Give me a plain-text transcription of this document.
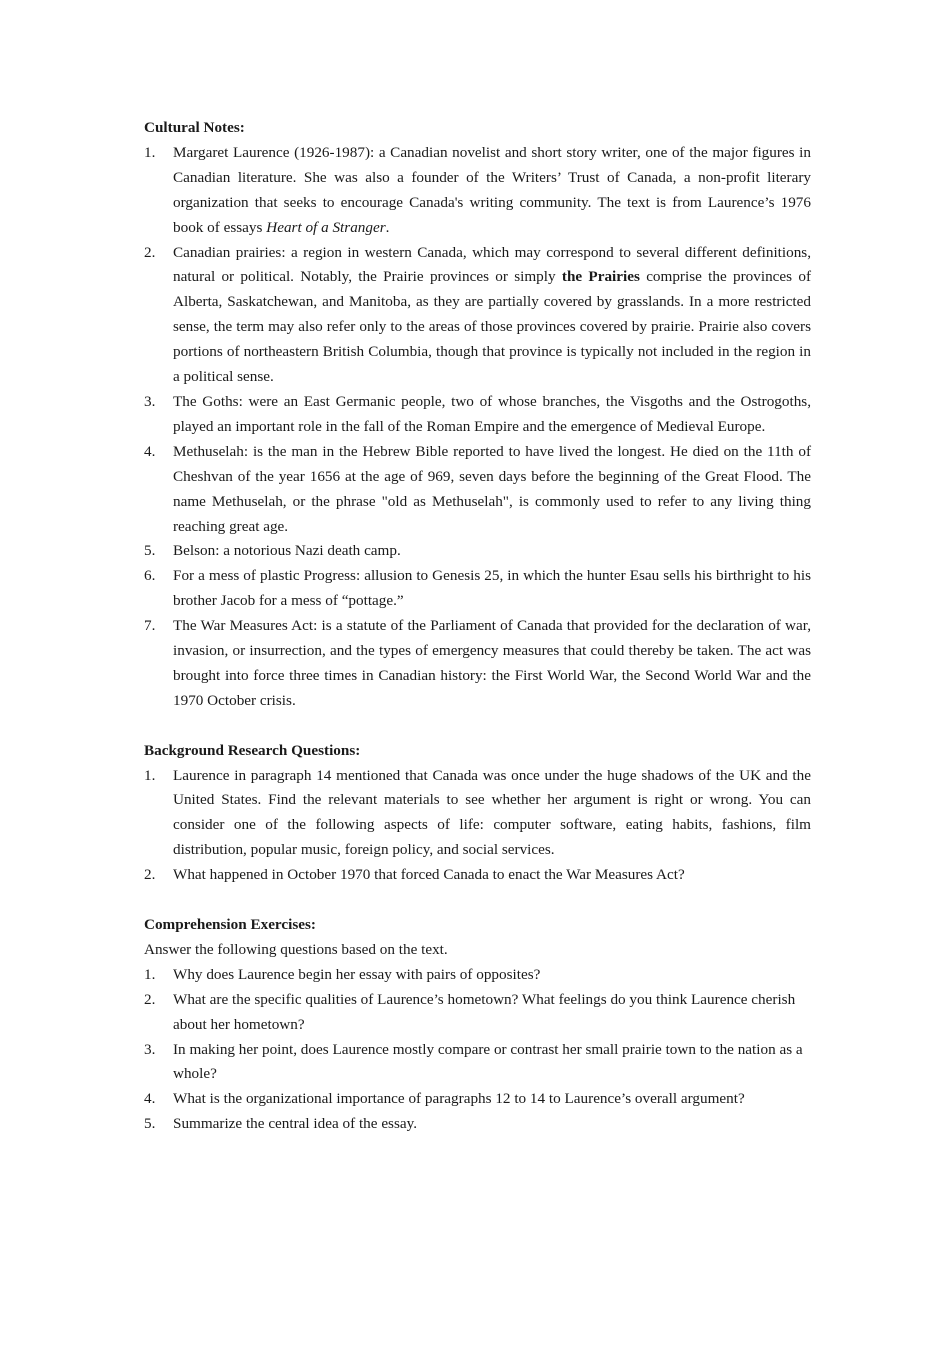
Cultural Notes:

1. Margaret Laurence (1926-1987): a Canadian novelist and short story writer, one of the major figures in Canadian literature. She was also a founder of the Writers’ Trust of Canada, a non-profit literary organization that seeks to encourage Canada's writing community. The text is from Laurence’s 1976 book of essays Heart of a Stranger.
2. Canadian prairies: a region in western Canada, which may correspond to several different definitions, natural or political. Notably, the Prairie provinces or simply the Prairies comprise the provinces of Alberta, Saskatchewan, and Manitoba, as they are partially covered by grasslands. In a more restricted sense, the term may also refer only to the areas of those provinces covered by prairie. Prairie also covers portions of northeastern British Columbia, though that province is typically not included in the region in a political sense.
3. The Goths: were an East Germanic people, two of whose branches, the Visgoths and the Ostrogoths, played an important role in the fall of the Roman Empire and the emergence of Medieval Europe.
4. Methuselah: is the man in the Hebrew Bible reported to have lived the longest. He died on the 11th of Cheshvan of the year 1656 at the age of 969, seven days before the beginning of the Great Flood. The name Methuselah, or the phrase "old as Methuselah", is commonly used to refer to any living thing reaching great age.
5. Belson: a notorious Nazi death camp.
6. For a mess of plastic Progress: allusion to Genesis 25, in which the hunter Esau sells his birthright to his brother Jacob for a mess of “pottage.”
7. The War Measures Act: is a statute of the Parliament of Canada that provided for the declaration of war, invasion, or insurrection, and the types of emergency measures that could thereby be taken. The act was brought into force three times in Canadian history: the First World War, the Second World War and the 1970 October crisis.

Background Research Questions:

1. Laurence in paragraph 14 mentioned that Canada was once under the huge shadows of the UK and the United States. Find the relevant materials to see whether her argument is right or wrong. You can consider one of the following aspects of life: computer software, eating habits, fashions, film distribution, popular music, foreign policy, and social services.
2. What happened in October 1970 that forced Canada to enact the War Measures Act?

Comprehension Exercises:

Answer the following questions based on the text.

1. Why does Laurence begin her essay with pairs of opposites?
2. What are the specific qualities of Laurence’s hometown? What feelings do you think Laurence cherish about her hometown?
3. In making her point, does Laurence mostly compare or contrast her small prairie town to the nation as a whole?
4. What is the organizational importance of paragraphs 12 to 14 to Laurence’s overall argument?
5. Summarize the central idea of the essay.
